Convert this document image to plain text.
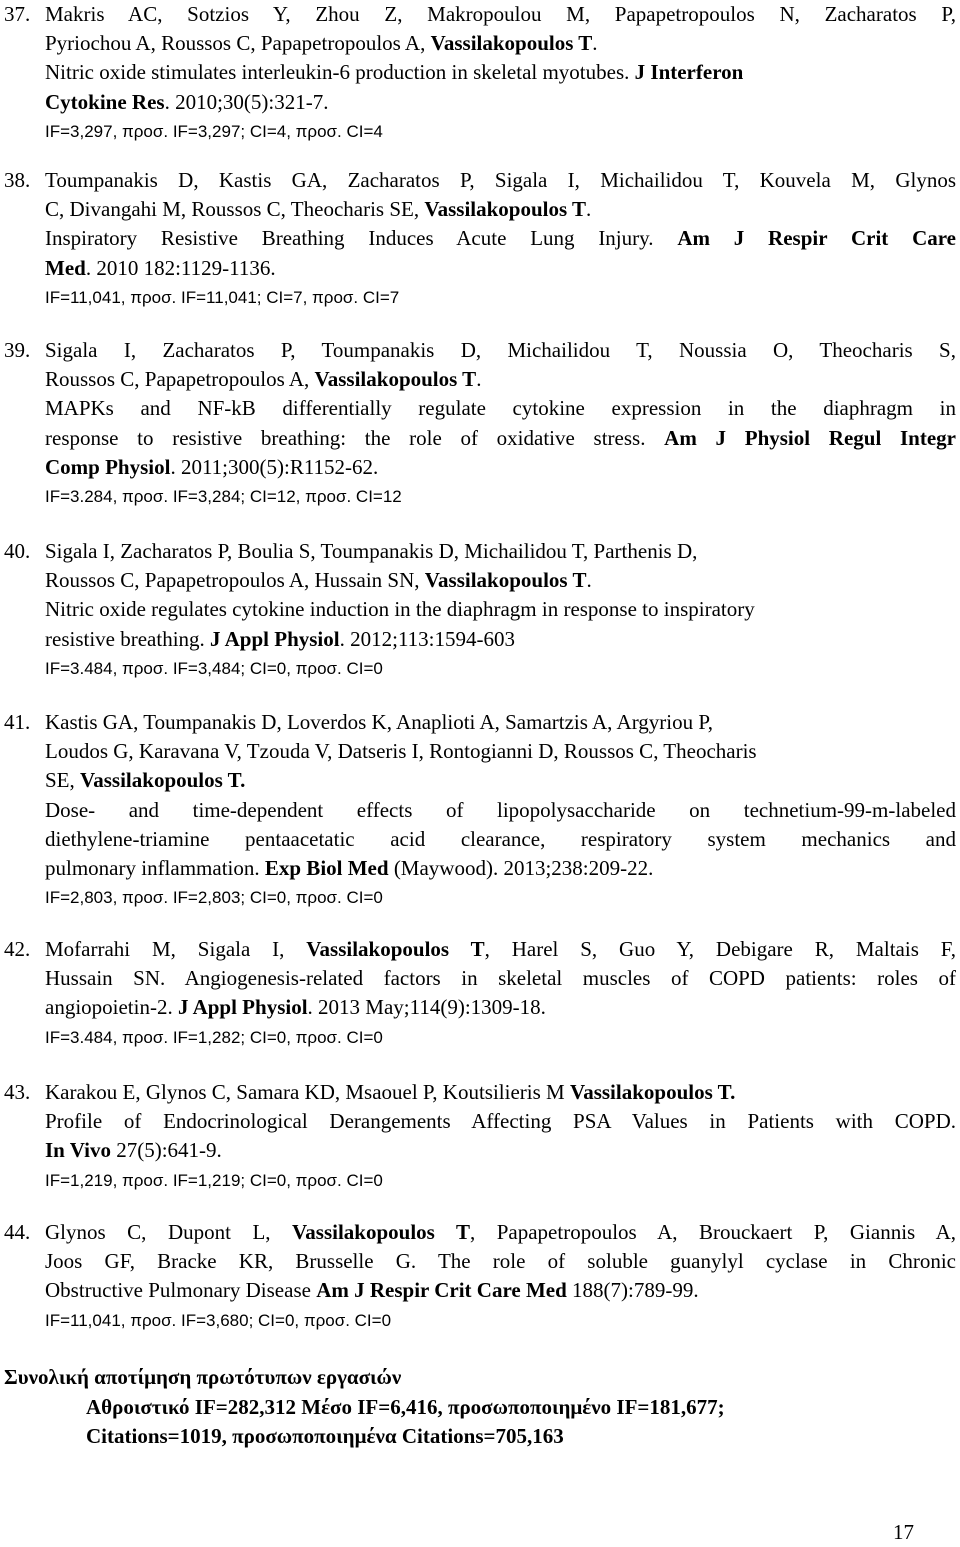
37. Makris AC, Sotzios Y, Zhou Z, Makropoulou M, Papapetropoulos N, Zacharatos P,
Pyriochou A, Roussos C, Papapetropoulos A, Vassilakopoulos T.
Nitric oxide stimulates interleukin-6 production in skeletal myotubes. J Interferon
Cytokine Res. 2010;30(5):321-7.
IF=3,297, προσ. IF=3,297; CI=4, προσ. CI=4
38. Toumpanakis D, Kastis GA, Zacharatos P, Sigala I, Michailidou T, Kouvela M, Glynos
C, Divangahi M, Roussos C, Theocharis SE, Vassilakopoulos T.
Inspiratory Resistive Breathing Induces Acute Lung Injury. Am J Respir Crit Care
Med. 2010 182:1129-1136.
IF=11,041, προσ. IF=11,041; CI=7, προσ. CI=7
39. Sigala I, Zacharatos P, Toumpanakis D, Michailidou T, Noussia O, Theocharis S,
Roussos C, Papapetropoulos A, Vassilakopoulos T.
MAPKs and NF-kB differentially regulate cytokine expression in the diaphragm in
response to resistive breathing: the role of oxidative stress. Am J Physiol Regul Integr
Comp Physiol. 2011;300(5):R1152-62.
IF=3.284, προσ. IF=3,284; CI=12, προσ. CI=12
40. Sigala I, Zacharatos P, Boulia S, Toumpanakis D, Michailidou T, Parthenis D,
Roussos C, Papapetropoulos A, Hussain SN, Vassilakopoulos T.
Nitric oxide regulates cytokine induction in the diaphragm in response to inspiratory
resistive breathing. J Appl Physiol. 2012;113:1594-603
IF=3.484, προσ. IF=3,484; CI=0, προσ. CI=0
41. Kastis GA, Toumpanakis D, Loverdos K, Anaplioti A, Samartzis A, Argyriou P,
Loudos G, Karavana V, Tzouda V, Datseris I, Rontogianni D, Roussos C, Theocharis
SE, Vassilakopoulos T.
Dose- and time-dependent effects of lipopolysaccharide on technetium-99-m-labeled
diethylene-triamine pentaacetatic acid clearance, respiratory system mechanics and
pulmonary inflammation. Exp Biol Med (Maywood). 2013;238:209-22.
IF=2,803, προσ. IF=2,803; CI=0, προσ. CI=0
42. Mofarrahi M, Sigala I, Vassilakopoulos T, Harel S, Guo Y, Debigare R, Maltais F,
Hussain SN. Angiogenesis-related factors in skeletal muscles of COPD patients: roles of
angiopoietin-2. J Appl Physiol. 2013 May;114(9):1309-18.
IF=3.484, προσ. IF=1,282; CI=0, προσ. CI=0
43. Karakou E, Glynos C, Samara KD, Msaouel P, Koutsilieris M Vassilakopoulos T.
Profile of Endocrinological Derangements Affecting PSA Values in Patients with COPD.
In Vivo 27(5):641-9.
IF=1,219, προσ. IF=1,219; CI=0, προσ. CI=0
44. Glynos C, Dupont L, Vassilakopoulos T, Papapetropoulos A, Brouckaert P, Giannis A,
Joos GF, Bracke KR, Brusselle G. The role of soluble guanylyl cyclase in Chronic
Obstructive Pulmonary Disease Am J Respir Crit Care Med 188(7):789-99.
IF=11,041, προσ. IF=3,680; CI=0, προσ. CI=0
Συνολική αποτίμηση πρωτότυπων εργασιών
Αθροιστικό IF=282,312 Μέσο IF=6,416, προσωποποιημένο IF=181,677;
Citations=1019, προσωποποιημένα Citations=705,163
17
